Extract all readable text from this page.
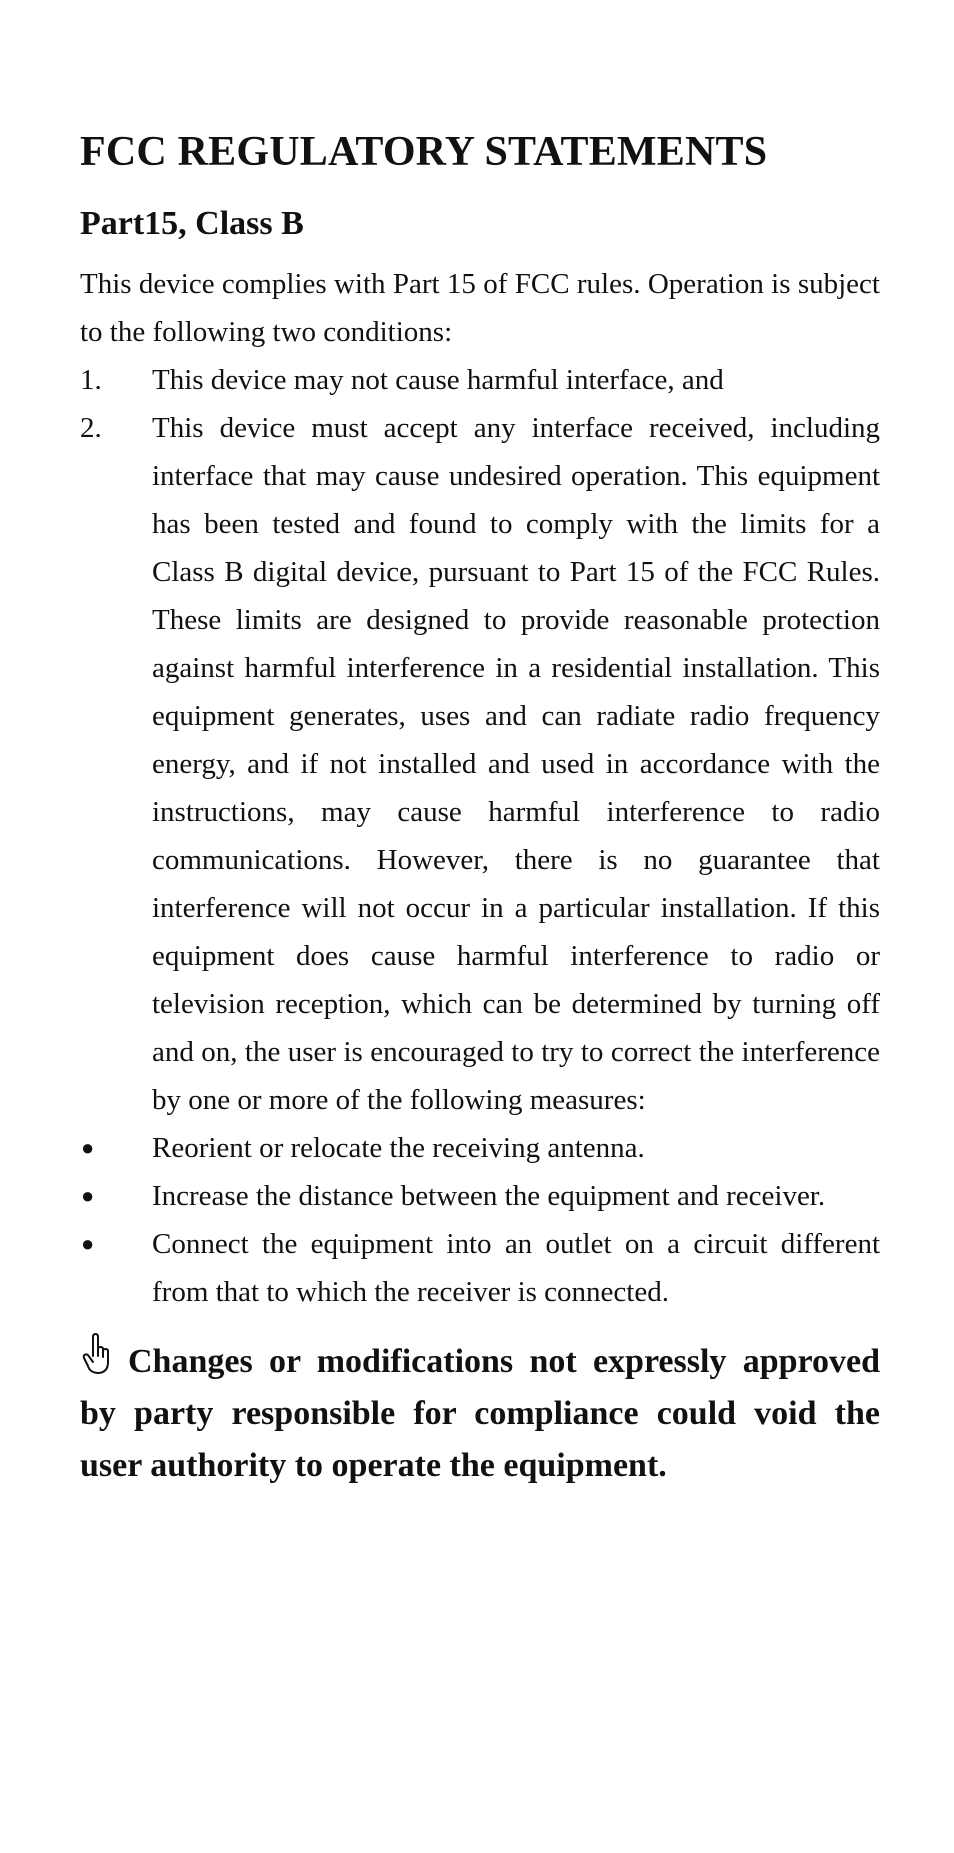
FCC REGULATORY STATEMENTS
Part15, Class B

This device complies with Part 15 of FCC rules. Operation is subject to the following two conditions:

1.	This device may not cause harmful interface, and
2.	This device must accept any interface received, including interface that may cause undesired operation. This equipment has been tested and found to comply with the limits for a Class B digital device, pursuant to Part 15 of the FCC Rules. These limits are designed to provide reasonable protection against harmful interference in a residential installation. This equipment generates, uses and can radiate radio frequency energy, and if not installed and used in accordance with the instructions, may cause harmful interference to radio communications. However, there is no guarantee that interference will not occur in a particular installation. If this equipment does cause harmful interference to radio or television reception, which can be determined by turning off and on, the user is encouraged to try to correct the interference by one or more of the following measures:
●	Reorient or relocate the receiving antenna.
●	Increase the distance between the equipment and receiver.
●	Connect the equipment into an outlet on a circuit different from that to which the receiver is connected.

Changes or modifications not expressly approved by party responsible for compliance could void the user authority to operate the equipment.
